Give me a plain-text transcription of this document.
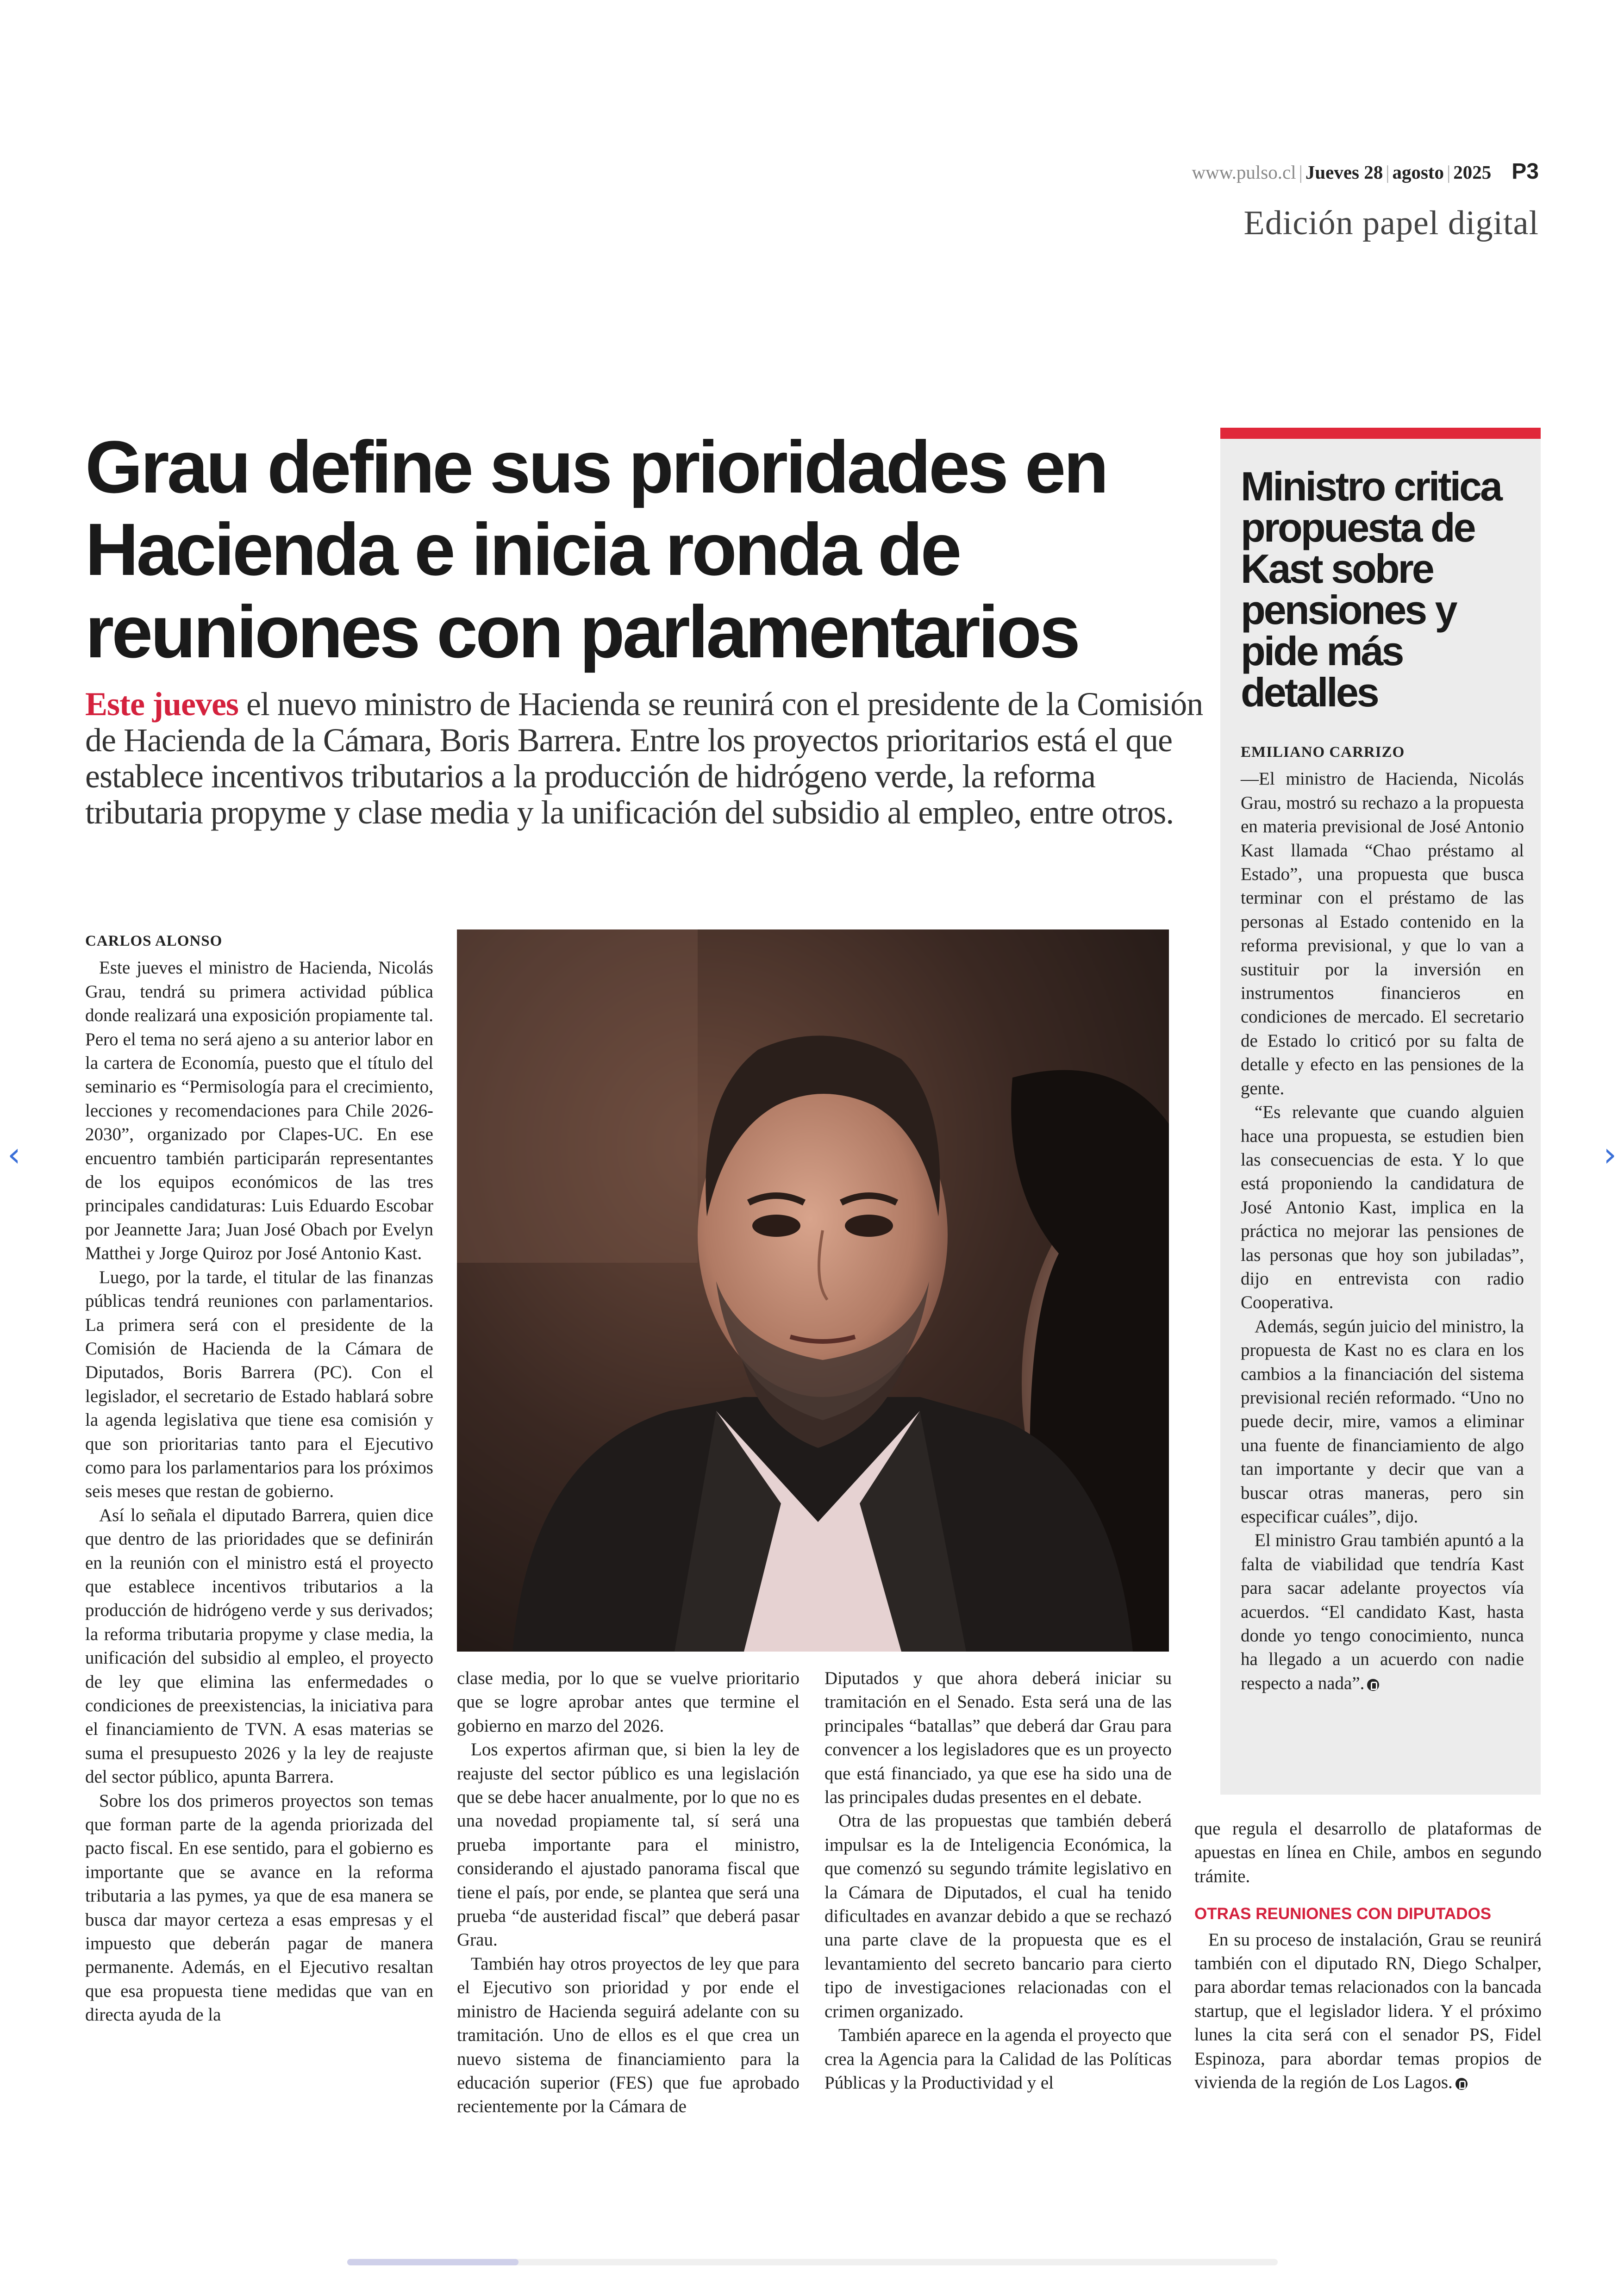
www.pulso.cl | Jueves 28 | agosto | 2025 P3
Edición papel digital
Grau define sus prioridades en Hacienda e inicia ronda de reuniones con parlamentarios
Este jueves el nuevo ministro de Hacienda se reunirá con el presidente de la Comisión de Hacienda de la Cámara, Boris Barrera. Entre los proyectos prioritarios está el que establece incentivos tributarios a la producción de hidrógeno verde, la reforma tributaria propyme y clase media y la unificación del subsidio al empleo, entre otros.
CARLOS ALONSO

Este jueves el ministro de Hacienda, Nicolás Grau, tendrá su primera actividad pública donde realizará una exposición propiamente tal. Pero el tema no será ajeno a su anterior labor en la cartera de Economía, puesto que el título del seminario es “Permisología para el crecimiento, lecciones y recomendaciones para Chile 2026-2030”, organizado por Clapes-UC. En ese encuentro también participarán representantes de los equipos económicos de las tres principales candidaturas: Luis Eduardo Escobar por Jeannette Jara; Juan José Obach por Evelyn Matthei y Jorge Quiroz por José Antonio Kast.

Luego, por la tarde, el titular de las finanzas públicas tendrá reuniones con parlamentarios. La primera será con el presidente de la Comisión de Hacienda de la Cámara de Diputados, Boris Barrera (PC). Con el legislador, el secretario de Estado hablará sobre la agenda legislativa que tiene esa comisión y que son prioritarias tanto para el Ejecutivo como para los parlamentarios para los próximos seis meses que restan de gobierno.

Así lo señala el diputado Barrera, quien dice que dentro de las prioridades que se definirán en la reunión con el ministro está el proyecto que establece incentivos tributarios a la producción de hidrógeno verde y sus derivados; la reforma tributaria propyme y clase media, la unificación del subsidio al empleo, el proyecto de ley que elimina las enfermedades o condiciones de preexistencias, la iniciativa para el financiamiento de TVN. A esas materias se suma el presupuesto 2026 y la ley de reajuste del sector público, apunta Barrera.

Sobre los dos primeros proyectos son temas que forman parte de la agenda priorizada del pacto fiscal. En ese sentido, para el gobierno es importante que se avance en la reforma tributaria a las pymes, ya que de esa manera se busca dar mayor certeza a esas empresas y el impuesto que deberán pagar de manera permanente. Además, en el Ejecutivo resaltan que esa propuesta tiene medidas que van en directa ayuda de la

clase media, por lo que se vuelve prioritario que se logre aprobar antes que termine el gobierno en marzo del 2026.

Los expertos afirman que, si bien la ley de reajuste del sector público es una legislación que se debe hacer anualmente, por lo que no es una novedad propiamente tal, sí será una prueba importante para el ministro, considerando el ajustado panorama fiscal que tiene el país, por ende, se plantea que será una prueba “de austeridad fiscal” que deberá pasar Grau.

También hay otros proyectos de ley que para el Ejecutivo son prioridad y por ende el ministro de Hacienda seguirá adelante con su tramitación. Uno de ellos es el que crea un nuevo sistema de financiamiento para la educación superior (FES) que fue aprobado recientemente por la Cámara de

Diputados y que ahora deberá iniciar su tramitación en el Senado. Esta será una de las principales “batallas” que deberá dar Grau para convencer a los legisladores que es un proyecto que está financiado, ya que ese ha sido una de las principales dudas presentes en el debate.

Otra de las propuestas que también deberá impulsar es la de Inteligencia Económica, la que comenzó su segundo trámite legislativo en la Cámara de Diputados, el cual ha tenido dificultades en avanzar debido a que se rechazó una parte clave de la propuesta que es el levantamiento del secreto bancario para cierto tipo de investigaciones relacionadas con el crimen organizado.

También aparece en la agenda el proyecto que crea la Agencia para la Calidad de las Políticas Públicas y la Productividad y el

que regula el desarrollo de plataformas de apuestas en línea en Chile, ambos en segundo trámite.

OTRAS REUNIONES CON DIPUTADOS

En su proceso de instalación, Grau se reunirá también con el diputado RN, Diego Schalper, para abordar temas relacionados con la bancada startup, que el legislador lidera. Y el próximo lunes la cita será con el senador PS, Fidel Espinoza, para abordar temas propios de vivienda de la región de Los Lagos.

Ministro critica propuesta de Kast sobre pensiones y pide más detalles
EMILIANO CARRIZO

—El ministro de Hacienda, Nicolás Grau, mostró su rechazo a la propuesta en materia previsional de José Antonio Kast llamada “Chao préstamo al Estado”, una propuesta que busca terminar con el préstamo de las personas al Estado contenido en la reforma previsional, y que lo van a sustituir por la inversión en instrumentos financieros en condiciones de mercado. El secretario de Estado lo criticó por su falta de detalle y efecto en las pensiones de la gente.

“Es relevante que cuando alguien hace una propuesta, se estudien bien las consecuencias de esta. Y lo que está proponiendo la candidatura de José Antonio Kast, implica en la práctica no mejorar las pensiones de las personas que hoy son jubiladas”, dijo en entrevista con radio Cooperativa.

Además, según juicio del ministro, la propuesta de Kast no es clara en los cambios a la financiación del sistema previsional recién reformado. “Uno no puede decir, mire, vamos a eliminar una fuente de financiamiento de algo tan importante y decir que van a buscar otras maneras, pero sin especificar cuáles”, dijo.

El ministro Grau también apuntó a la falta de viabilidad que tendría Kast para sacar adelante proyectos vía acuerdos. “El candidato Kast, hasta donde yo tengo conocimiento, nunca ha llegado a un acuerdo con nadie respecto a nada”.

‹	›
